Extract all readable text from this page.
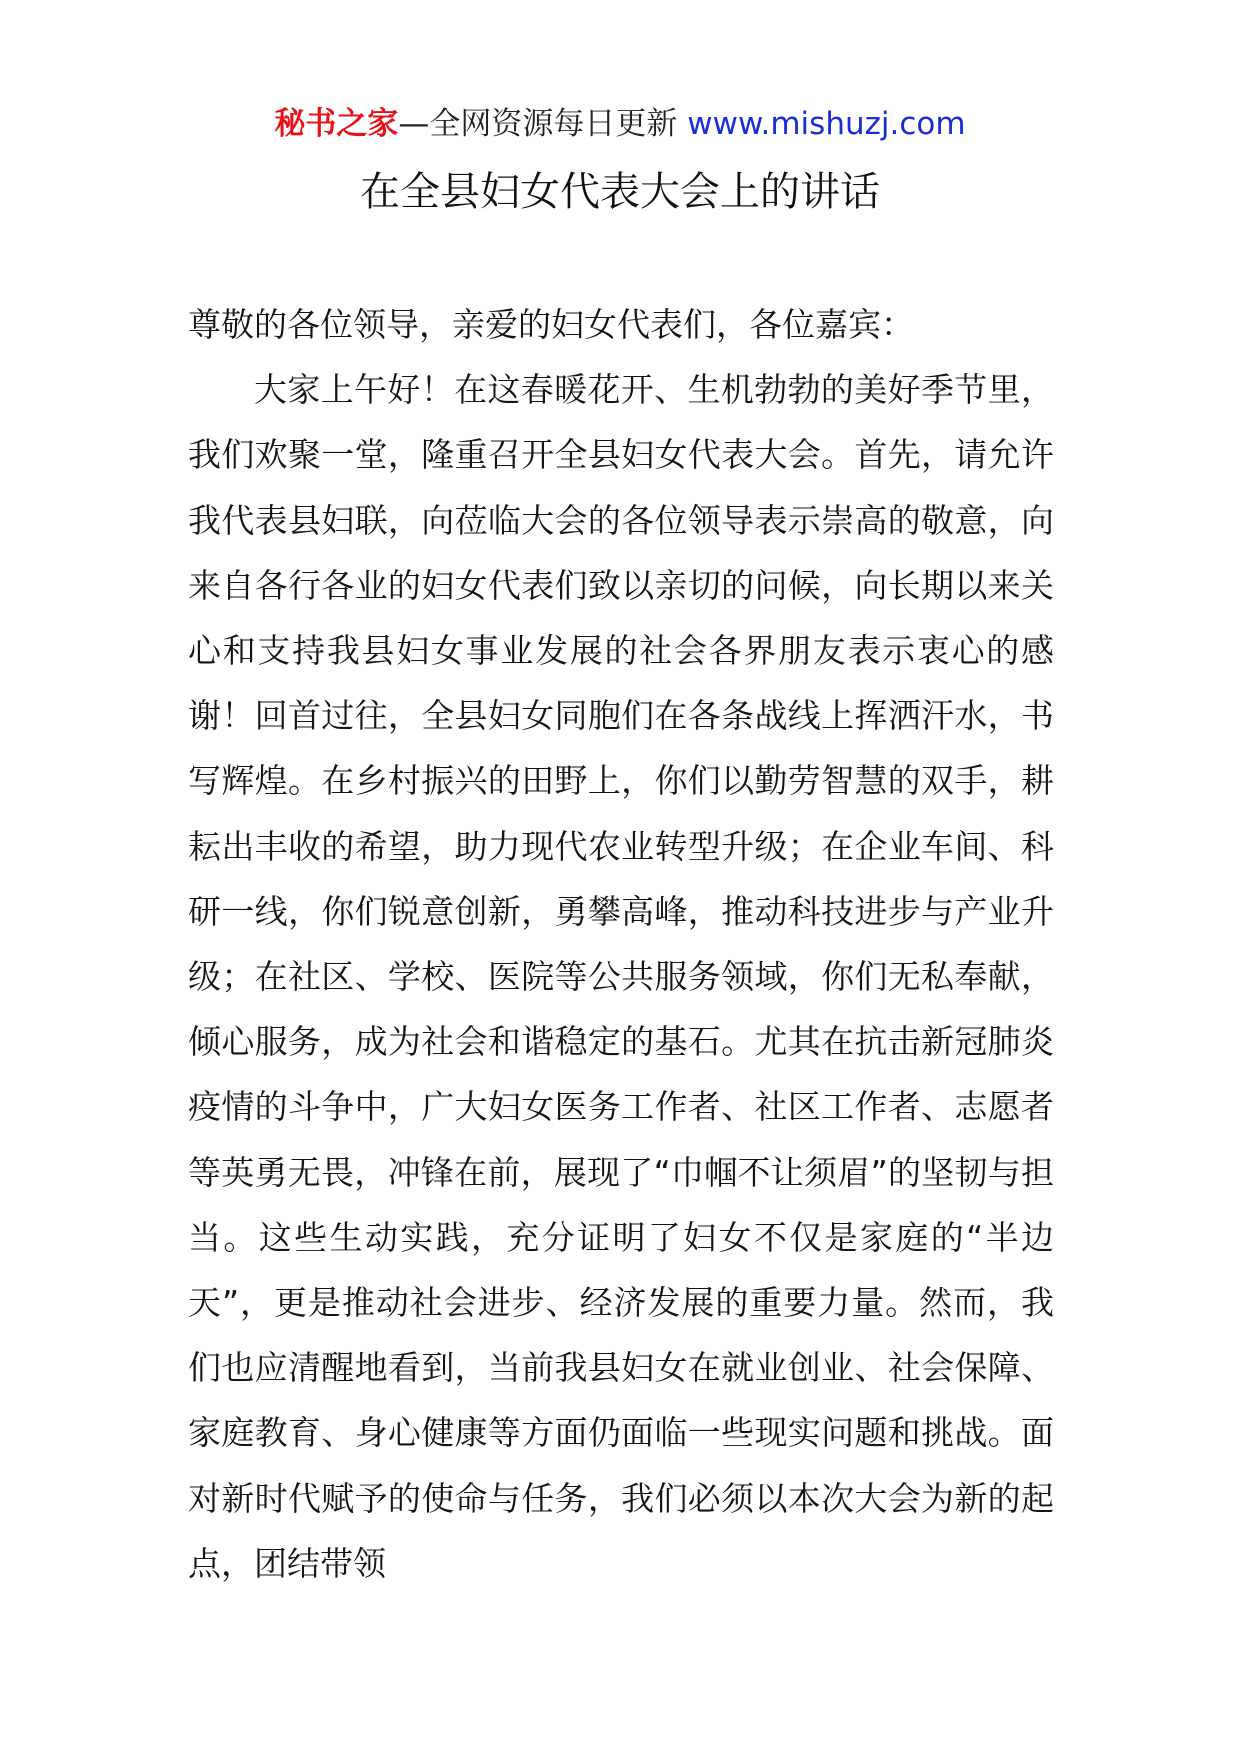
秘书之家—全网资源每日更新 www.mishuzj.com
在全县妇女代表大会上的讲话

尊敬的各位领导，亲爱的妇女代表们，各位嘉宾：

大家上午好！在这春暖花开、生机勃勃的美好季节里，我们欢聚一堂，隆重召开全县妇女代表大会。首先，请允许我代表县妇联，向莅临大会的各位领导表示崇高的敬意，向来自各行各业的妇女代表们致以亲切的问候，向长期以来关心和支持我县妇女事业发展的社会各界朋友表示衷心的感谢！回首过往，全县妇女同胞们在各条战线上挥洒汗水，书写辉煌。在乡村振兴的田野上，你们以勤劳智慧的双手，耕耘出丰收的希望，助力现代农业转型升级；在企业车间、科研一线，你们锐意创新，勇攀高峰，推动科技进步与产业升级；在社区、学校、医院等公共服务领域，你们无私奉献，倾心服务，成为社会和谐稳定的基石。尤其在抗击新冠肺炎疫情的斗争中，广大妇女医务工作者、社区工作者、志愿者等英勇无畏，冲锋在前，展现了“巾帼不让须眉”的坚韧与担当。这些生动实践，充分证明了妇女不仅是家庭的“半边天”，更是推动社会进步、经济发展的重要力量。然而，我们也应清醒地看到，当前我县妇女在就业创业、社会保障、家庭教育、身心健康等方面仍面临一些现实问题和挑战。面对新时代赋予的使命与任务，我们必须以本次大会为新的起点，团结带领
